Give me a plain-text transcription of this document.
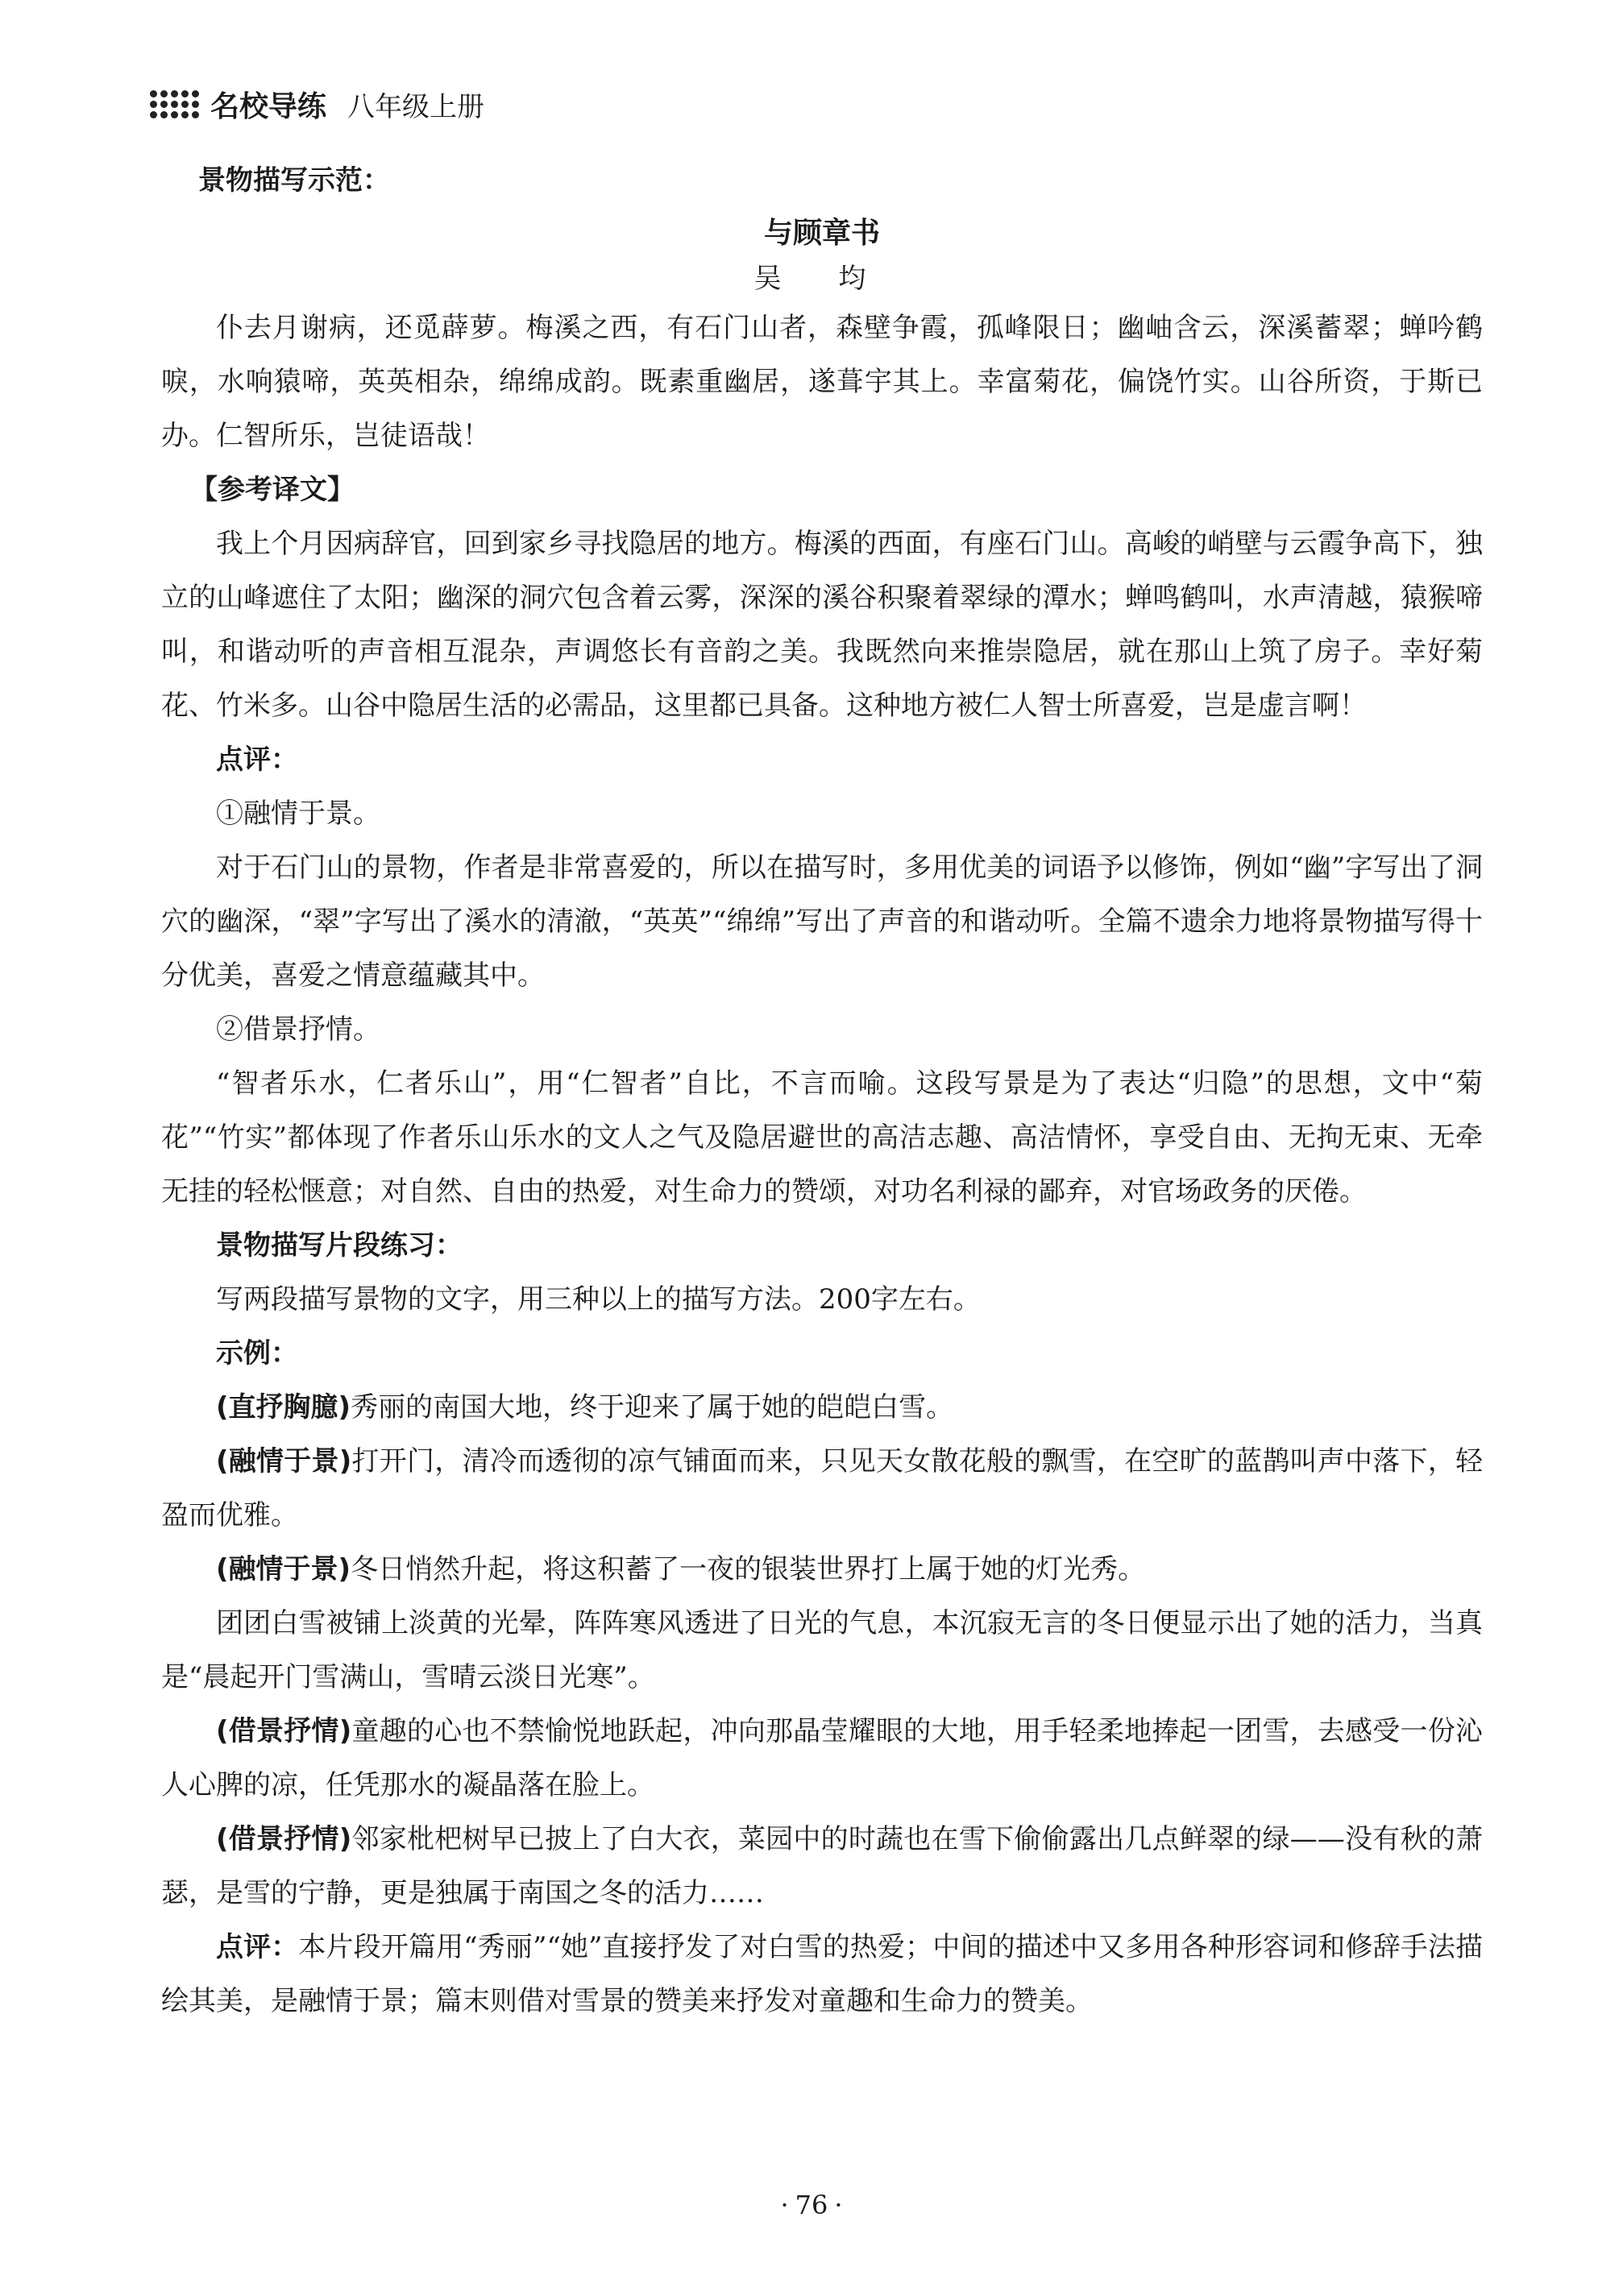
名校导练 八年级上册
景物描写示范：
与顾章书
吴 均

仆去月谢病，还觅薜萝。梅溪之西，有石门山者，森壁争霞，孤峰限日；幽岫含云，深溪蓄翠；蝉吟鹤唳，水响猿啼，英英相杂，绵绵成韵。既素重幽居，遂葺宇其上。幸富菊花，偏饶竹实。山谷所资，于斯已办。仁智所乐，岂徒语哉！

【参考译文】

我上个月因病辞官，回到家乡寻找隐居的地方。梅溪的西面，有座石门山。高峻的峭壁与云霞争高下，独立的山峰遮住了太阳；幽深的洞穴包含着云雾，深深的溪谷积聚着翠绿的潭水；蝉鸣鹤叫，水声清越，猿猴啼叫，和谐动听的声音相互混杂，声调悠长有音韵之美。我既然向来推崇隐居，就在那山上筑了房子。幸好菊花、竹米多。山谷中隐居生活的必需品，这里都已具备。这种地方被仁人智士所喜爱，岂是虚言啊！

点评：

①融情于景。

对于石门山的景物，作者是非常喜爱的，所以在描写时，多用优美的词语予以修饰，例如“幽”字写出了洞穴的幽深，“翠”字写出了溪水的清澈，“英英”“绵绵”写出了声音的和谐动听。全篇不遗余力地将景物描写得十分优美，喜爱之情意蕴藏其中。

②借景抒情。

“智者乐水，仁者乐山”，用“仁智者”自比，不言而喻。这段写景是为了表达“归隐”的思想，文中“菊花”“竹实”都体现了作者乐山乐水的文人之气及隐居避世的高洁志趣、高洁情怀，享受自由、无拘无束、无牵无挂的轻松惬意；对自然、自由的热爱，对生命力的赞颂，对功名利禄的鄙弃，对官场政务的厌倦。

景物描写片段练习：

写两段描写景物的文字，用三种以上的描写方法。200字左右。

示例：

(直抒胸臆)秀丽的南国大地，终于迎来了属于她的皑皑白雪。

(融情于景)打开门，清冷而透彻的凉气铺面而来，只见天女散花般的飘雪，在空旷的蓝鹊叫声中落下，轻盈而优雅。

(融情于景)冬日悄然升起，将这积蓄了一夜的银装世界打上属于她的灯光秀。

团团白雪被铺上淡黄的光晕，阵阵寒风透进了日光的气息，本沉寂无言的冬日便显示出了她的活力，当真是“晨起开门雪满山，雪晴云淡日光寒”。

(借景抒情)童趣的心也不禁愉悦地跃起，冲向那晶莹耀眼的大地，用手轻柔地捧起一团雪，去感受一份沁人心脾的凉，任凭那水的凝晶落在脸上。

(借景抒情)邻家枇杷树早已披上了白大衣，菜园中的时蔬也在雪下偷偷露出几点鲜翠的绿——没有秋的萧瑟，是雪的宁静，更是独属于南国之冬的活力……

点评：本片段开篇用“秀丽”“她”直接抒发了对白雪的热爱；中间的描述中又多用各种形容词和修辞手法描绘其美，是融情于景；篇末则借对雪景的赞美来抒发对童趣和生命力的赞美。

· 76 ·
